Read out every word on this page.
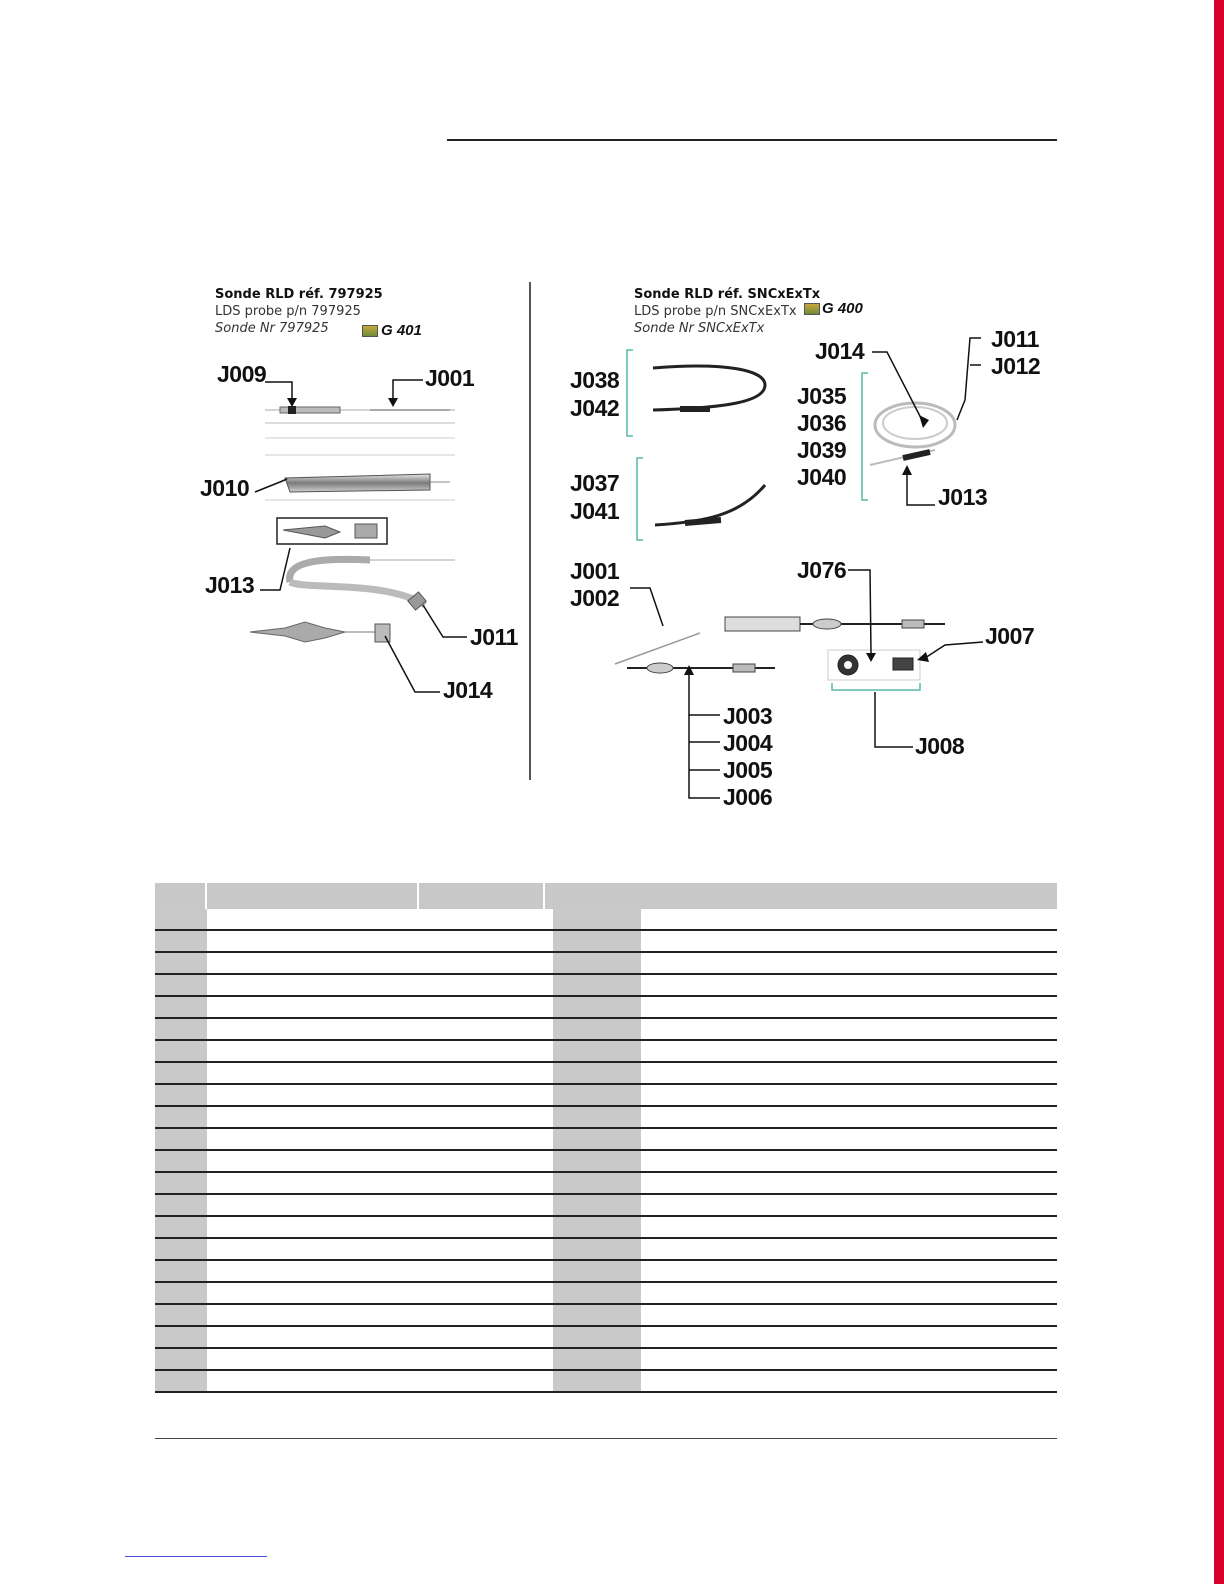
Sonde RLD réf. 797925
LDS probe p/n 797925
Sonde Nr 797925	G 401
J009	J001
J010
J013
J011
J014
Sonde RLD réf. SNCxExTx
LDS probe p/n SNCxExTx
Sonde Nr SNCxExTx
G 400
J038
J042
J037
J041
J014	J011
J012
J035
J036
J039
J040
J013
J001
J002
J076
J007
J003
J004
J005
J006
J008
